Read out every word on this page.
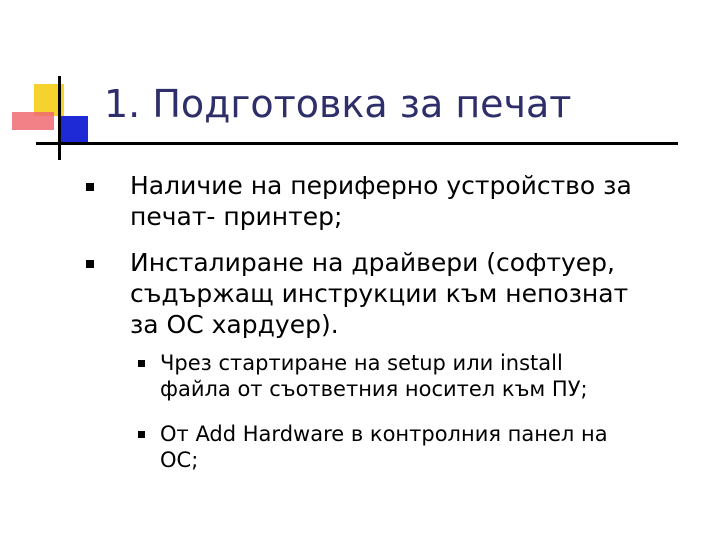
1. Подготовка за печат
Наличие на периферно устройство за
печат- принтер;
Инсталиране на драйвери (софтуер,
съдържащ инструкции към непознат
за ОС хардуер).
Чрез стартиране на setup или install
файла от съответния носител към ПУ;
От Add Hardware в контролния панел на
ОС;
